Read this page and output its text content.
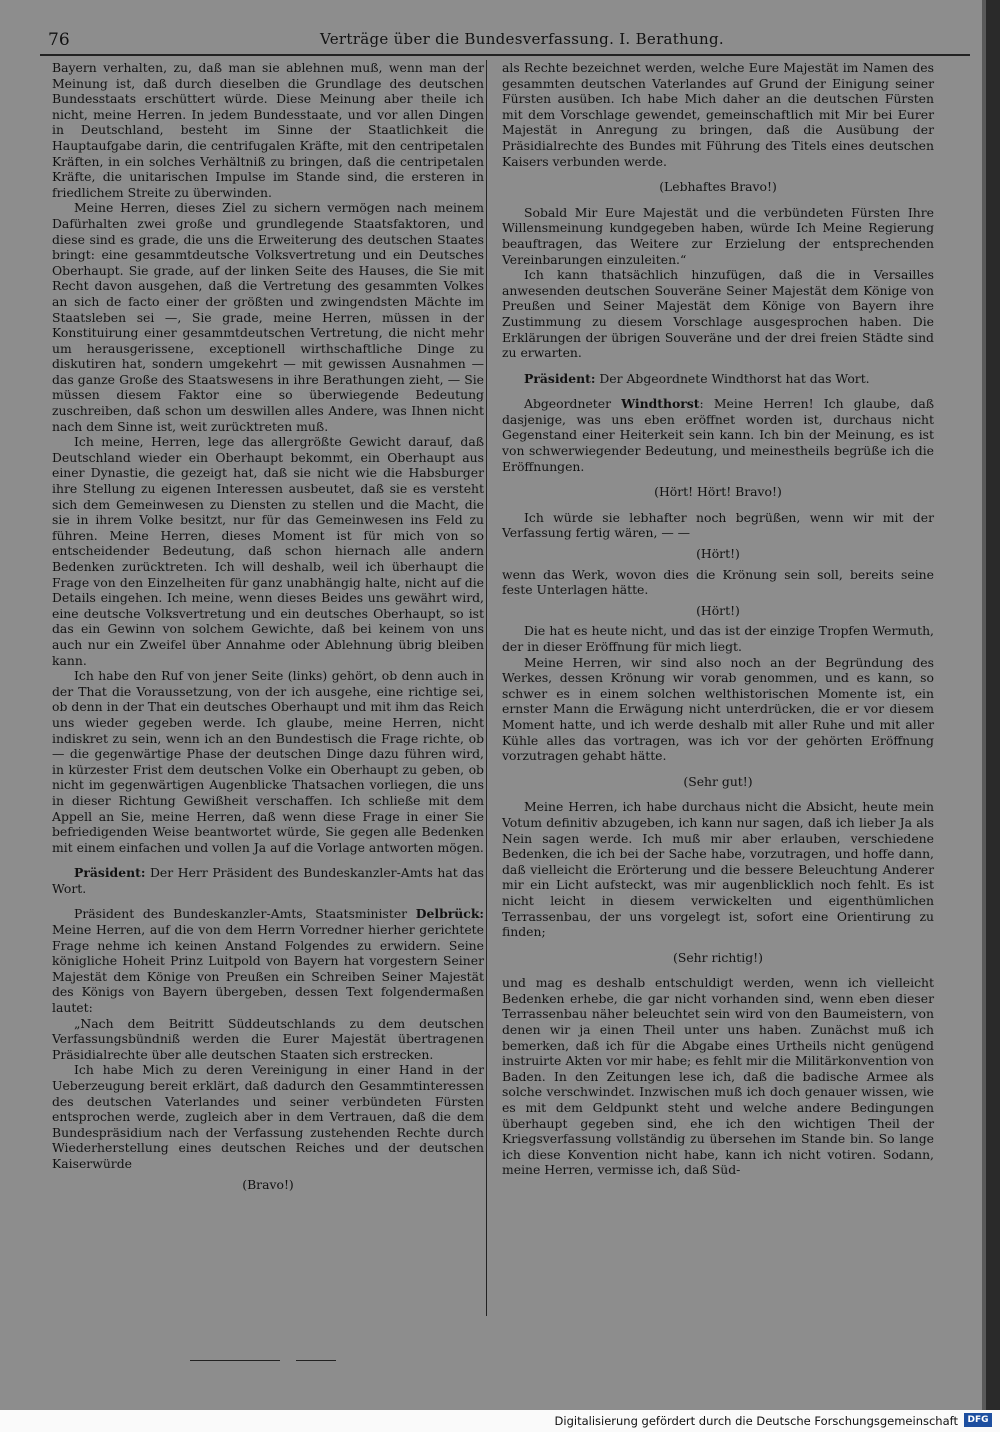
76	Verträge über die Bundesverfassung. I. Berathung.

Bayern verhalten, zu, daß man sie ablehnen muß, wenn man der Meinung ist, daß durch dieselben die Grundlage des deutschen Bundesstaats erschüttert würde. Diese Meinung aber theile ich nicht, meine Herren. In jedem Bundesstaate, und vor allen Dingen in Deutschland, besteht im Sinne der Staatlichkeit die Hauptaufgabe darin, die centrifugalen Kräfte, mit den centripetalen Kräften, in ein solches Verhältniß zu bringen, daß die centripetalen Kräfte, die unitarischen Impulse im Stande sind, die ersteren in friedlichem Streite zu überwinden.

Meine Herren, dieses Ziel zu sichern vermögen nach meinem Dafürhalten zwei große und grundlegende Staatsfaktoren, und diese sind es grade, die uns die Erweiterung des deutschen Staates bringt: eine gesammtdeutsche Volksvertretung und ein Deutsches Oberhaupt. Sie grade, auf der linken Seite des Hauses, die Sie mit Recht davon ausgehen, daß die Vertretung des gesammten Volkes an sich de facto einer der größten und zwingendsten Mächte im Staatsleben sei —, Sie grade, meine Herren, müssen in der Konstituirung einer gesammtdeutschen Vertretung, die nicht mehr um herausgerissene, exceptionell wirthschaftliche Dinge zu diskutiren hat, sondern umgekehrt — mit gewissen Ausnahmen — das ganze Große des Staatswesens in ihre Berathungen zieht, — Sie müssen diesem Faktor eine so überwiegende Bedeutung zuschreiben, daß schon um deswillen alles Andere, was Ihnen nicht nach dem Sinne ist, weit zurücktreten muß.

Ich meine, Herren, lege das allergrößte Gewicht darauf, daß Deutschland wieder ein Oberhaupt bekommt, ein Oberhaupt aus einer Dynastie, die gezeigt hat, daß sie nicht wie die Habsburger ihre Stellung zu eigenen Interessen ausbeutet, daß sie es versteht sich dem Gemeinwesen zu Diensten zu stellen und die Macht, die sie in ihrem Volke besitzt, nur für das Gemeinwesen ins Feld zu führen. Meine Herren, dieses Moment ist für mich von so entscheidender Bedeutung, daß schon hiernach alle andern Bedenken zurücktreten. Ich will deshalb, weil ich überhaupt die Frage von den Einzelheiten für ganz unabhängig halte, nicht auf die Details eingehen. Ich meine, wenn dieses Beides uns gewährt wird, eine deutsche Volksvertretung und ein deutsches Oberhaupt, so ist das ein Gewinn von solchem Gewichte, daß bei keinem von uns auch nur ein Zweifel über Annahme oder Ablehnung übrig bleiben kann.

Ich habe den Ruf von jener Seite (links) gehört, ob denn auch in der That die Voraussetzung, von der ich ausgehe, eine richtige sei, ob denn in der That ein deutsches Oberhaupt und mit ihm das Reich uns wieder gegeben werde. Ich glaube, meine Herren, nicht indiskret zu sein, wenn ich an den Bundestisch die Frage richte, ob — die gegenwärtige Phase der deutschen Dinge dazu führen wird, in kürzester Frist dem deutschen Volke ein Oberhaupt zu geben, ob nicht im gegenwärtigen Augenblicke Thatsachen vorliegen, die uns in dieser Richtung Gewißheit verschaffen. Ich schließe mit dem Appell an Sie, meine Herren, daß wenn diese Frage in einer Sie befriedigenden Weise beantwortet würde, Sie gegen alle Bedenken mit einem einfachen und vollen Ja auf die Vorlage antworten mögen.

Präsident: Der Herr Präsident des Bundeskanzler-Amts hat das Wort.

Präsident des Bundeskanzler-Amts, Staatsminister Delbrück: Meine Herren, auf die von dem Herrn Vorredner hierher gerichtete Frage nehme ich keinen Anstand Folgendes zu erwidern. Seine königliche Hoheit Prinz Luitpold von Bayern hat vorgestern Seiner Majestät dem Könige von Preußen ein Schreiben Seiner Majestät des Königs von Bayern übergeben, dessen Text folgendermaßen lautet:

„Nach dem Beitritt Süddeutschlands zu dem deutschen Verfassungsbündniß werden die Eurer Majestät übertragenen Präsidialrechte über alle deutschen Staaten sich erstrecken.

Ich habe Mich zu deren Vereinigung in einer Hand in der Ueberzeugung bereit erklärt, daß dadurch den Gesammtinteressen des deutschen Vaterlandes und seiner verbündeten Fürsten entsprochen werde, zugleich aber in dem Vertrauen, daß die dem Bundespräsidium nach der Verfassung zustehenden Rechte durch Wiederherstellung eines deutschen Reiches und der deutschen Kaiserwürde

(Bravo!)

als Rechte bezeichnet werden, welche Eure Majestät im Namen des gesammten deutschen Vaterlandes auf Grund der Einigung seiner Fürsten ausüben. Ich habe Mich daher an die deutschen Fürsten mit dem Vorschlage gewendet, gemeinschaftlich mit Mir bei Eurer Majestät in Anregung zu bringen, daß die Ausübung der Präsidialrechte des Bundes mit Führung des Titels eines deutschen Kaisers verbunden werde.

(Lebhaftes Bravo!)

Sobald Mir Eure Majestät und die verbündeten Fürsten Ihre Willensmeinung kundgegeben haben, würde Ich Meine Regierung beauftragen, das Weitere zur Erzielung der entsprechenden Vereinbarungen einzuleiten.“

Ich kann thatsächlich hinzufügen, daß die in Versailles anwesenden deutschen Souveräne Seiner Majestät dem Könige von Preußen und Seiner Majestät dem Könige von Bayern ihre Zustimmung zu diesem Vorschlage ausgesprochen haben. Die Erklärungen der übrigen Souveräne und der drei freien Städte sind zu erwarten.

Präsident: Der Abgeordnete Windthorst hat das Wort.

Abgeordneter Windthorst: Meine Herren! Ich glaube, daß dasjenige, was uns eben eröffnet worden ist, durchaus nicht Gegenstand einer Heiterkeit sein kann. Ich bin der Meinung, es ist von schwerwiegender Bedeutung, und meinestheils begrüße ich die Eröffnungen.

(Hört! Hört! Bravo!)

Ich würde sie lebhafter noch begrüßen, wenn wir mit der Verfassung fertig wären, — —

(Hört!)

wenn das Werk, wovon dies die Krönung sein soll, bereits seine feste Unterlagen hätte.

(Hört!)

Die hat es heute nicht, und das ist der einzige Tropfen Wermuth, der in dieser Eröffnung für mich liegt.

Meine Herren, wir sind also noch an der Begründung des Werkes, dessen Krönung wir vorab genommen, und es kann, so schwer es in einem solchen welthistorischen Momente ist, ein ernster Mann die Erwägung nicht unterdrücken, die er vor diesem Moment hatte, und ich werde deshalb mit aller Ruhe und mit aller Kühle alles das vortragen, was ich vor der gehörten Eröffnung vorzutragen gehabt hätte.

(Sehr gut!)

Meine Herren, ich habe durchaus nicht die Absicht, heute mein Votum definitiv abzugeben, ich kann nur sagen, daß ich lieber Ja als Nein sagen werde. Ich muß mir aber erlauben, verschiedene Bedenken, die ich bei der Sache habe, vorzutragen, und hoffe dann, daß vielleicht die Erörterung und die bessere Beleuchtung Anderer mir ein Licht aufsteckt, was mir augenblicklich noch fehlt. Es ist nicht leicht in diesem verwickelten und eigenthümlichen Terrassenbau, der uns vorgelegt ist, sofort eine Orientirung zu finden;

(Sehr richtig!)

und mag es deshalb entschuldigt werden, wenn ich vielleicht Bedenken erhebe, die gar nicht vorhanden sind, wenn eben dieser Terrassenbau näher beleuchtet sein wird von den Baumeistern, von denen wir ja einen Theil unter uns haben. Zunächst muß ich bemerken, daß ich für die Abgabe eines Urtheils nicht genügend instruirte Akten vor mir habe; es fehlt mir die Militärkonvention von Baden. In den Zeitungen lese ich, daß die badische Armee als solche verschwindet. Inzwischen muß ich doch genauer wissen, wie es mit dem Geldpunkt steht und welche andere Bedingungen überhaupt gegeben sind, ehe ich den wichtigen Theil der Kriegsverfassung vollständig zu übersehen im Stande bin. So lange ich diese Konvention nicht habe, kann ich nicht votiren. Sodann, meine Herren, vermisse ich, daß Süd-

Digitalisierung gefördert durch die Deutsche Forschungsgemeinschaft	DFG
